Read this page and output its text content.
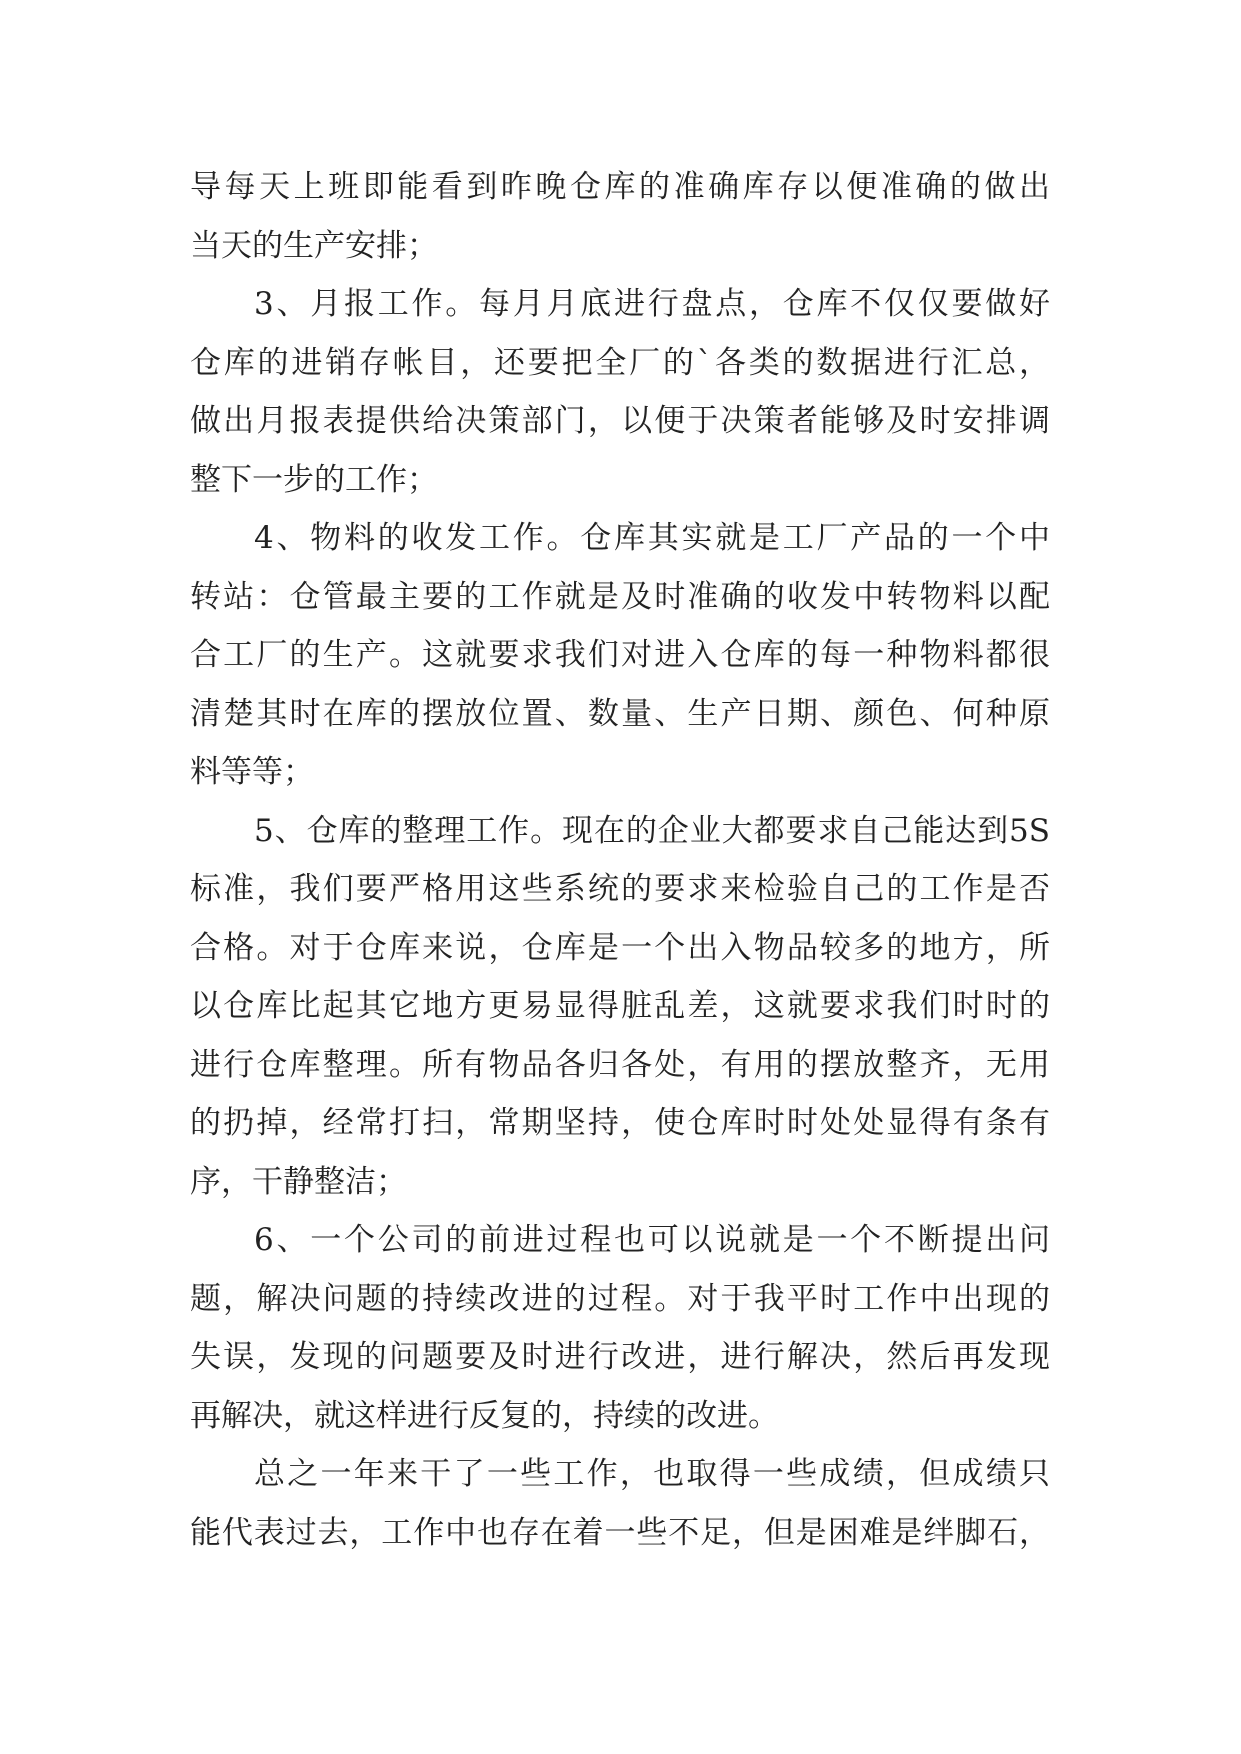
导每天上班即能看到昨晚仓库的准确库存以便准确的做出
当天的生产安排；
3、月报工作。每月月底进行盘点，仓库不仅仅要做好
仓库的进销存帐目，还要把全厂的`各类的数据进行汇总，
做出月报表提供给决策部门，以便于决策者能够及时安排调
整下一步的工作；
4、物料的收发工作。仓库其实就是工厂产品的一个中
转站：仓管最主要的工作就是及时准确的收发中转物料以配
合工厂的生产。这就要求我们对进入仓库的每一种物料都很
清楚其时在库的摆放位置、数量、生产日期、颜色、何种原
料等等；
5、仓库的整理工作。现在的企业大都要求自己能达到5S
标准，我们要严格用这些系统的要求来检验自己的工作是否
合格。对于仓库来说，仓库是一个出入物品较多的地方，所
以仓库比起其它地方更易显得脏乱差，这就要求我们时时的
进行仓库整理。所有物品各归各处，有用的摆放整齐，无用
的扔掉，经常打扫，常期坚持，使仓库时时处处显得有条有
序，干静整洁；
6、一个公司的前进过程也可以说就是一个不断提出问
题，解决问题的持续改进的过程。对于我平时工作中出现的
失误，发现的问题要及时进行改进，进行解决，然后再发现
再解决，就这样进行反复的，持续的改进。
总之一年来干了一些工作，也取得一些成绩，但成绩只
能代表过去，工作中也存在着一些不足，但是困难是绊脚石，
